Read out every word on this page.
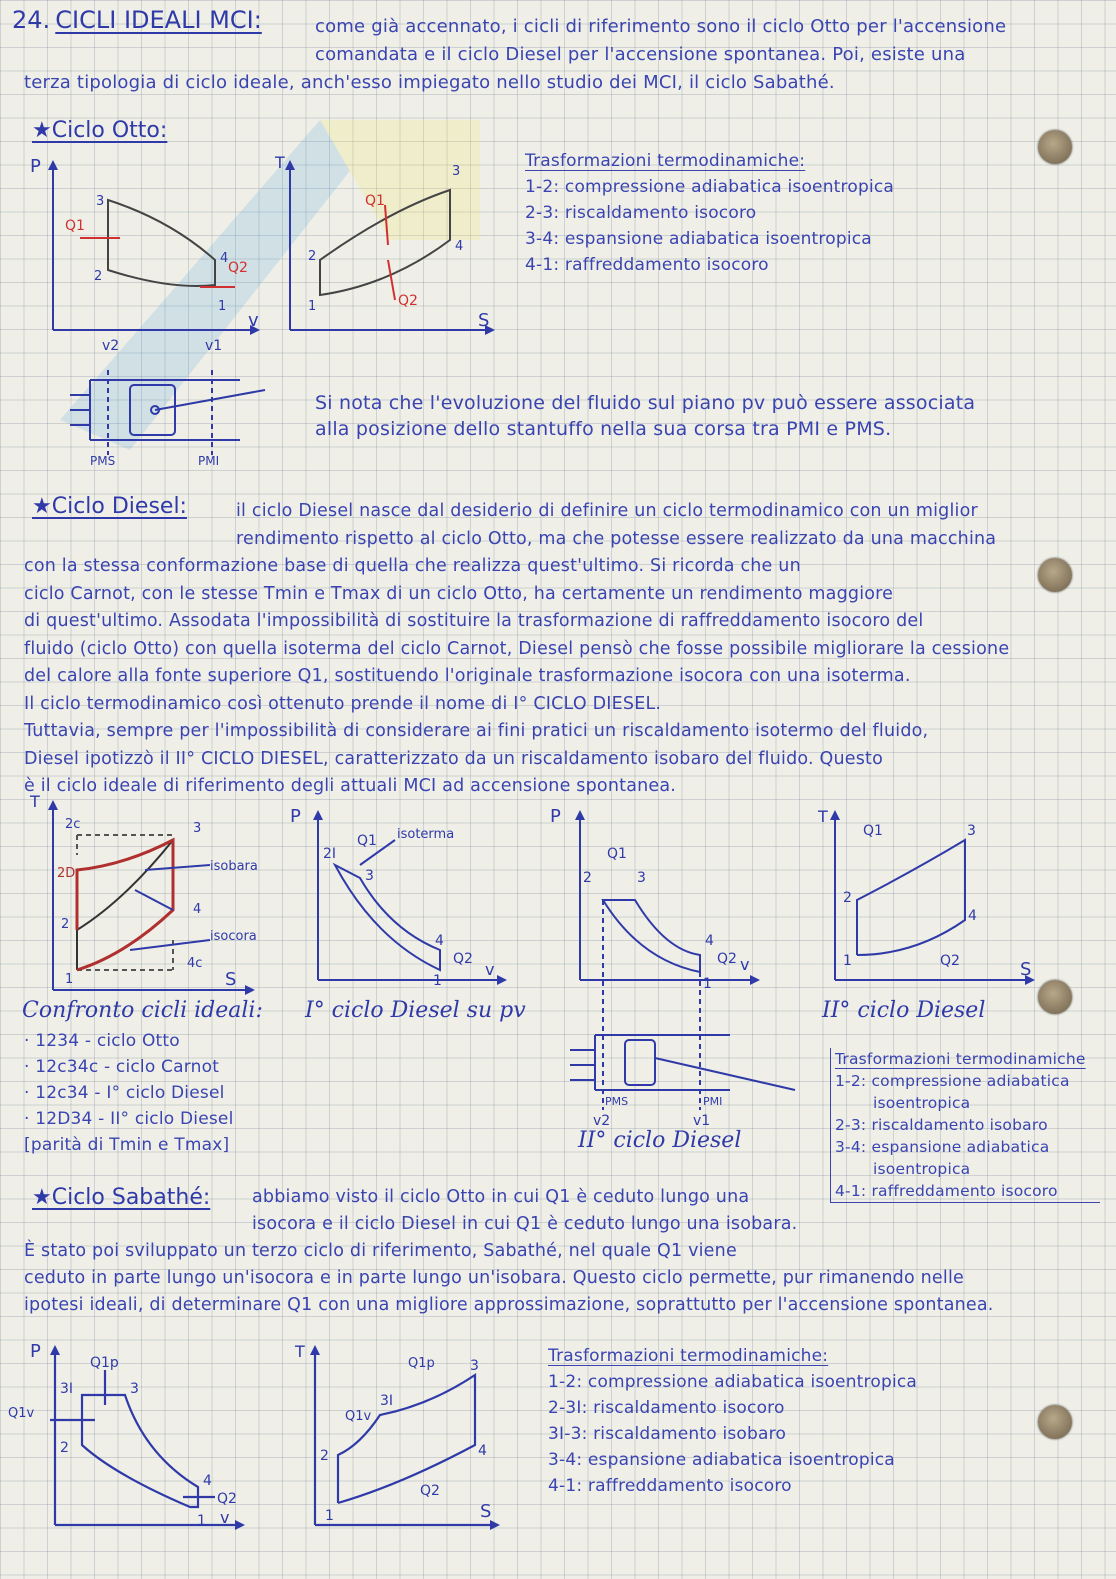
24. CICLI IDEALI MCI:	come già accennato, i cicli di riferimento sono il ciclo Otto per l'accensione
comandata e il ciclo Diesel per l'accensione spontanea. Poi, esiste una
terza tipologia di ciclo ideale, anch'esso impiegato nello studio dei MCI, il ciclo Sabathé.
★Ciclo Otto:
P
v
3
2
4
1
Q1
Q2
v2	v1
T
S
1
2
3
4
Q1
Q2
PMS	PMI
Trasformazioni termodinamiche:
1-2: compressione adiabatica isoentropica
2-3: riscaldamento isocoro
3-4: espansione adiabatica isoentropica
4-1: raffreddamento isocoro
Si nota che l'evoluzione del fluido sul piano pv può essere associata
alla posizione dello stantuffo nella sua corsa tra PMI e PMS.
★Ciclo Diesel:	il ciclo Diesel nasce dal desiderio di definire un ciclo termodinamico con un miglior
rendimento rispetto al ciclo Otto, ma che potesse essere realizzato da una macchina
con la stessa conformazione base di quella che realizza quest'ultimo. Si ricorda che un
ciclo Carnot, con le stesse Tmin e Tmax di un ciclo Otto, ha certamente un rendimento maggiore
di quest'ultimo. Assodata l'impossibilità di sostituire la trasformazione di raffreddamento isocoro del
fluido (ciclo Otto) con quella isoterma del ciclo Carnot, Diesel pensò che fosse possibile migliorare la cessione
del calore alla fonte superiore Q1, sostituendo l'originale trasformazione isocora con una isoterma.
Il ciclo termodinamico così ottenuto prende il nome di I° CICLO DIESEL.
Tuttavia, sempre per l'impossibilità di considerare ai fini pratici un riscaldamento isotermo del fluido,
Diesel ipotizzò il II° CICLO DIESEL, caratterizzato da un riscaldamento isobaro del fluido. Questo
è il ciclo ideale di riferimento degli attuali MCI ad accensione spontanea.
T
S
1
2
2c
2D
3
4
4c
isobara
isocora
Confronto cicli ideali:
· 1234 - ciclo Otto
· 12c34c - ciclo Carnot
· 12c34 - I° ciclo Diesel
· 12D34 - II° ciclo Diesel
[parità di Tmin e Tmax]
P
v
2I
3
4
1
Q1
Q2
isoterma
I° ciclo Diesel su pv
P
v
2	3
4
1
Q1
Q2
PMS	PMI
v2	v1
II° ciclo Diesel
T
S
1
2
3
4
Q1
Q2
II° ciclo Diesel
Trasformazioni termodinamiche
1-2: compressione adiabatica
isoentropica
2-3: riscaldamento isobaro
3-4: espansione adiabatica
isoentropica
4-1: raffreddamento isocoro
★Ciclo Sabathé:	abbiamo visto il ciclo Otto in cui Q1 è ceduto lungo una
isocora e il ciclo Diesel in cui Q1 è ceduto lungo una isobara.
È stato poi sviluppato un terzo ciclo di riferimento, Sabathé, nel quale Q1 viene
ceduto in parte lungo un'isocora e in parte lungo un'isobara. Questo ciclo permette, pur rimanendo nelle
ipotesi ideali, di determinare Q1 con una migliore approssimazione, soprattutto per l'accensione spontanea.
P
v
1
2
3I	3
4
Q1p
Q1v
Q2
T
S
1
2
3I
3
4
Q1p
Q1v
Q2
Trasformazioni termodinamiche:
1-2: compressione adiabatica isoentropica
2-3I: riscaldamento isocoro
3I-3: riscaldamento isobaro
3-4: espansione adiabatica isoentropica
4-1: raffreddamento isocoro
